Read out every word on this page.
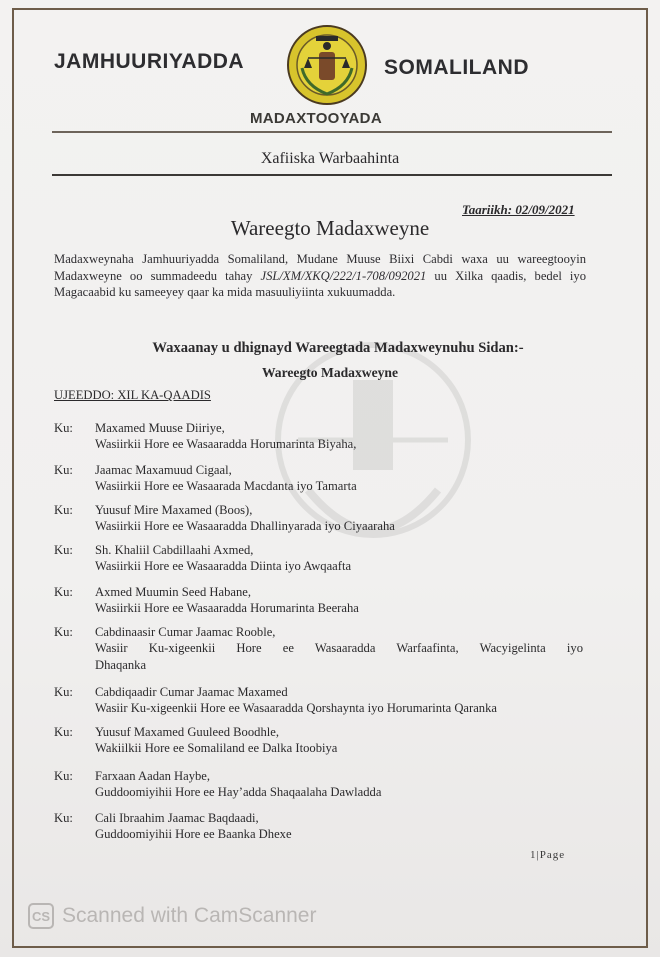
JAMHUURIYADDA	SOMALILAND
MADAXTOOYADA
Xafiiska Warbaahinta
Taariikh: 02/09/2021
Wareegto Madaxweyne
Madaxweynaha Jamhuuriyadda Somaliland, Mudane Muuse Biixi Cabdi waxa uu wareegtooyin Madaxweyne oo summadeedu tahay JSL/XM/XKQ/222/1-708/092021 uu Xilka qaadis, bedel iyo Magacaabid ku sameeyey qaar ka mida masuuliyiinta xukuumadda.
Waxaanay u dhignayd Wareegtada Madaxweynuhu Sidan:-
Wareegto Madaxweyne
UJEEDDO: XIL KA-QAADIS
Ku: Maxamed Muuse Diiriye,
Wasiirkii Hore ee Wasaaradda Horumarinta Biyaha,
Ku: Jaamac Maxamuud Cigaal,
Wasiirkii Hore ee Wasaarada Macdanta iyo Tamarta
Ku: Yuusuf Mire Maxamed (Boos),
Wasiirkii Hore ee Wasaaradda Dhallinyarada iyo Ciyaaraha
Ku: Sh. Khaliil Cabdillaahi Axmed,
Wasiirkii Hore ee Wasaaradda Diinta iyo Awqaafta
Ku: Axmed Muumin Seed Habane,
Wasiirkii Hore ee Wasaaradda Horumarinta Beeraha
Ku: Cabdinaasir Cumar Jaamac Rooble,
Wasiir Ku-xigeenkii Hore ee Wasaaradda Warfaafinta, Wacyigelinta iyo
Dhaqanka
Ku: Cabdiqaadir Cumar Jaamac Maxamed
Wasiir Ku-xigeenkii Hore ee Wasaaradda Qorshaynta iyo Horumarinta Qaranka
Ku: Yuusuf Maxamed Guuleed Boodhle,
Wakiilkii Hore ee Somaliland ee Dalka Itoobiya
Ku: Farxaan Aadan Haybe,
Guddoomiyihii Hore ee Hay’adda Shaqaalaha Dawladda
Ku: Cali Ibraahim Jaamac Baqdaadi,
Guddoomiyihii Hore ee Baanka Dhexe
1|Page
CS Scanned with CamScanner
